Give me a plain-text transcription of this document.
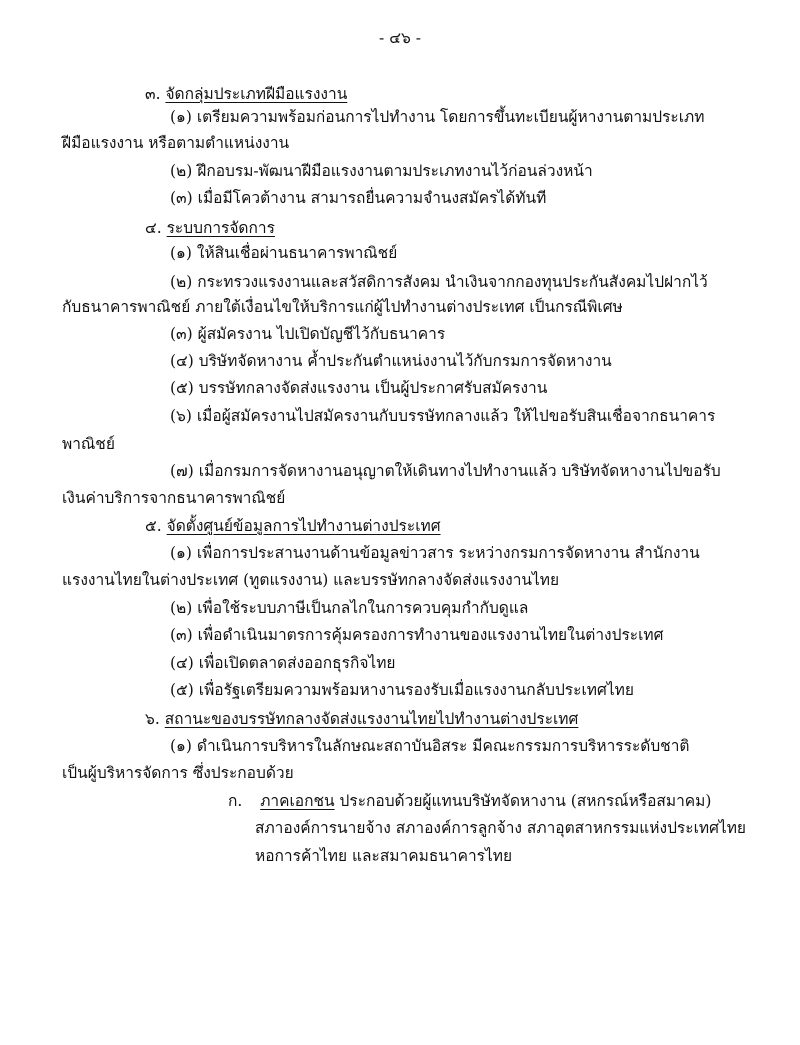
- ๔๖ -
๓. จัดกลุ่มประเภทฝีมือแรงงาน
(๑) เตรียมความพร้อมก่อนการไปทำงาน โดยการขึ้นทะเบียนผู้หางานตามประเภท
ฝีมือแรงงาน หรือตามตำแหน่งงาน
(๒) ฝึกอบรม-พัฒนาฝีมือแรงงานตามประเภทงานไว้ก่อนล่วงหน้า
(๓) เมื่อมีโควต้างาน สามารถยื่นความจำนงสมัครได้ทันที
๔. ระบบการจัดการ
(๑) ให้สินเชื่อผ่านธนาคารพาณิชย์
(๒) กระทรวงแรงงานและสวัสดิการสังคม นำเงินจากกองทุนประกันสังคมไปฝากไว้
กับธนาคารพาณิชย์ ภายใต้เงื่อนไขให้บริการแก่ผู้ไปทำงานต่างประเทศ เป็นกรณีพิเศษ
(๓) ผู้สมัครงาน ไปเปิดบัญชีไว้กับธนาคาร
(๔) บริษัทจัดหางาน ค้ำประกันตำแหน่งงานไว้กับกรมการจัดหางาน
(๕) บรรษัทกลางจัดส่งแรงงาน เป็นผู้ประกาศรับสมัครงาน
(๖) เมื่อผู้สมัครงานไปสมัครงานกับบรรษัทกลางแล้ว ให้ไปขอรับสินเชื่อจากธนาคาร
พาณิชย์
(๗) เมื่อกรมการจัดหางานอนุญาตให้เดินทางไปทำงานแล้ว บริษัทจัดหางานไปขอรับ
เงินค่าบริการจากธนาคารพาณิชย์
๕. จัดตั้งศูนย์ข้อมูลการไปทำงานต่างประเทศ
(๑) เพื่อการประสานงานด้านข้อมูลข่าวสาร ระหว่างกรมการจัดหางาน สำนักงาน
แรงงานไทยในต่างประเทศ (ทูตแรงงาน) และบรรษัทกลางจัดส่งแรงงานไทย
(๒) เพื่อใช้ระบบภาษีเป็นกลไกในการควบคุมกำกับดูแล
(๓) เพื่อดำเนินมาตรการคุ้มครองการทำงานของแรงงานไทยในต่างประเทศ
(๔) เพื่อเปิดตลาดส่งออกธุรกิจไทย
(๕) เพื่อรัฐเตรียมความพร้อมหางานรองรับเมื่อแรงงานกลับประเทศไทย
๖. สถานะของบรรษัทกลางจัดส่งแรงงานไทยไปทำงานต่างประเทศ
(๑) ดำเนินการบริหารในลักษณะสถาบันอิสระ มีคณะกรรมการบริหารระดับชาติ
เป็นผู้บริหารจัดการ ซึ่งประกอบด้วย
ก. ภาคเอกชน ประกอบด้วยผู้แทนบริษัทจัดหางาน (สหกรณ์หรือสมาคม)
สภาองค์การนายจ้าง สภาองค์การลูกจ้าง สภาอุตสาหกรรมแห่งประเทศไทย
หอการค้าไทย และสมาคมธนาคารไทย
